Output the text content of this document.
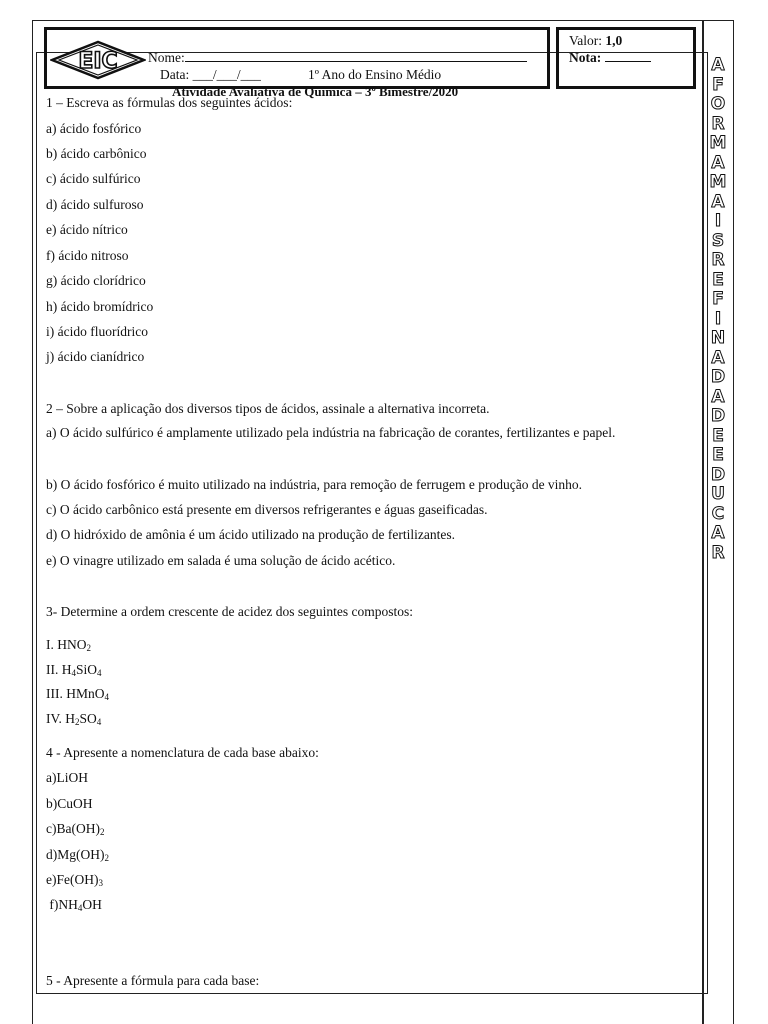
EIC Nome:
Data: ___/___/___	1º Ano do Ensino Médio
Atividade Avaliativa de Química – 3º Bimestre/2020
Valor: 1,0
Nota:
1 – Escreva as fórmulas dos seguintes ácidos:
a) ácido fosfórico
b) ácido carbônico
c) ácido sulfúrico
d) ácido sulfuroso
e) ácido nítrico
f) ácido nitroso
g) ácido clorídrico
h) ácido bromídrico
i) ácido fluorídrico
j) ácido cianídrico
2 – Sobre a aplicação dos diversos tipos de ácidos, assinale a alternativa incorreta.
a) O ácido sulfúrico é amplamente utilizado pela indústria na fabricação de corantes, fertilizantes e papel.
b) O ácido fosfórico é muito utilizado na indústria, para remoção de ferrugem e produção de vinho.
c) O ácido carbônico está presente em diversos refrigerantes e águas gaseificadas.
d) O hidróxido de amônia é um ácido utilizado na produção de fertilizantes.
e) O vinagre utilizado em salada é uma solução de ácido acético.
3- Determine a ordem crescente de acidez dos seguintes compostos:
I. $HNO_2$
II. $H_4SiO_4$
III. HMnO$_4$
IV. $H_2SO_4$
4 - Apresente a nomenclatura de cada base abaixo:
a)LiOH
b)CuOH
$c)Ba(OH)_2$
$d)Mg(OH)_2$
$e)Fe(OH)_3$
$f)NH_4OH$
5 - Apresente a fórmula para cada base:
A
F
O
R
M
A
M
A
I
S
R
E
F
I
N
A
D
A
D
E
E
D
U
C
A
R
